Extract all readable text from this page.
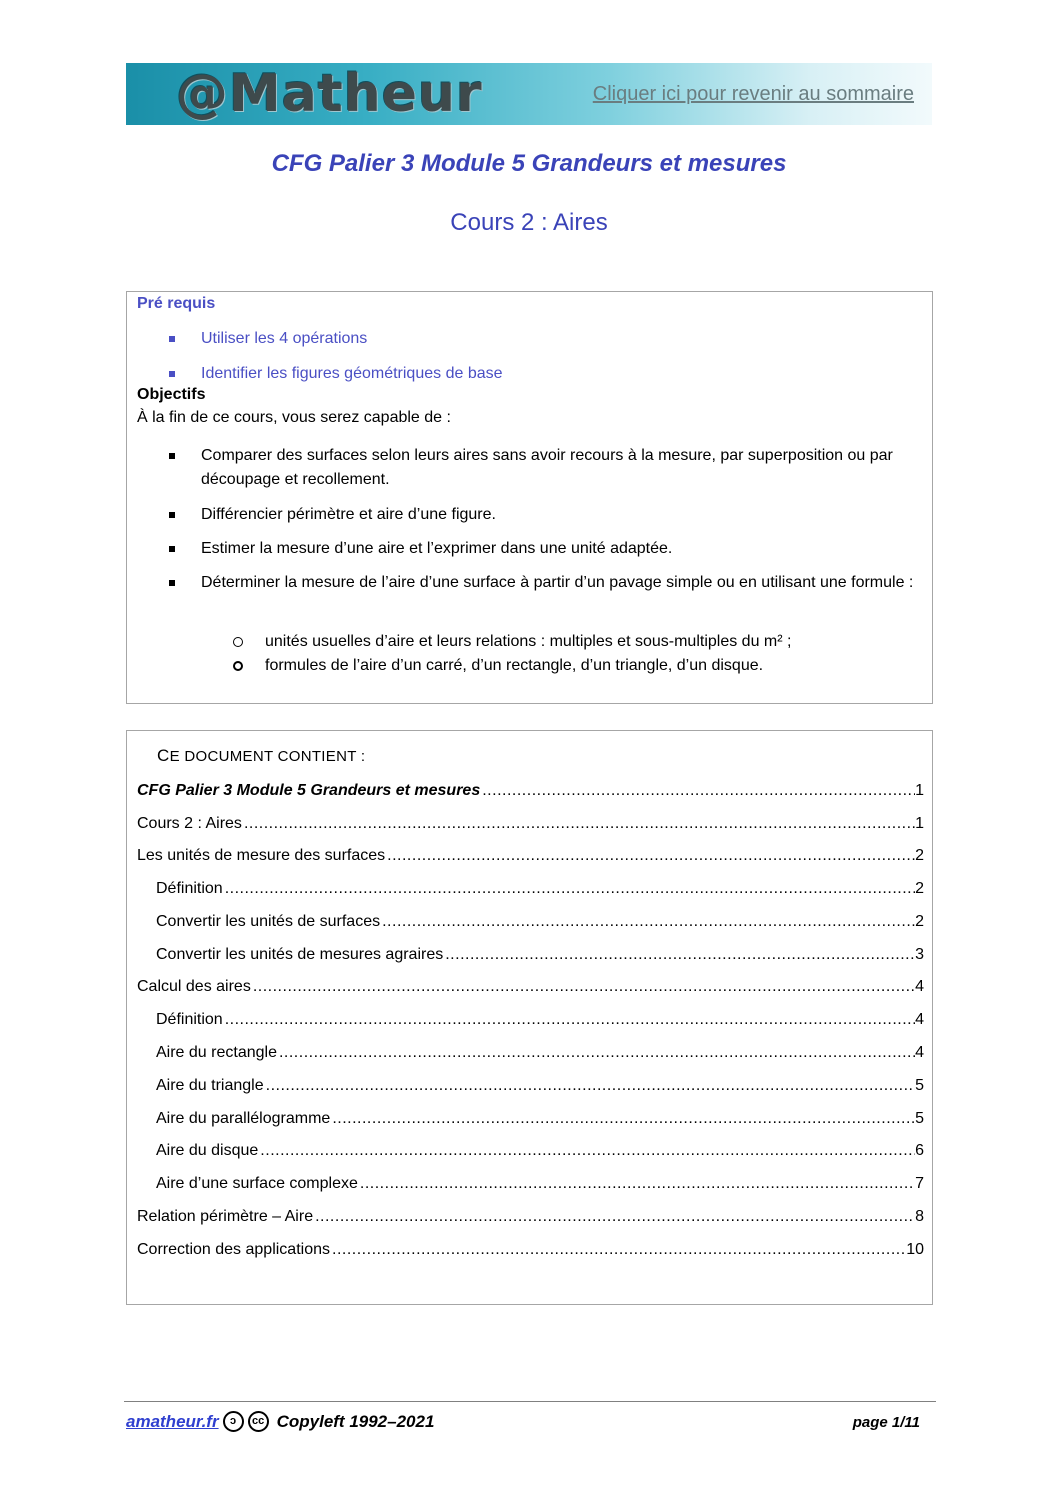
@Matheur	Cliquer ici pour revenir au sommaire
CFG Palier 3 Module 5 Grandeurs et mesures
Cours 2 : Aires
Pré requis
Utiliser les 4 opérations
Identifier les figures géométriques de base
Objectifs
À la fin de ce cours, vous serez capable de :
Comparer des surfaces selon leurs aires sans avoir recours à la mesure, par superposition ou par découpage et recollement.
Différencier périmètre et aire d’une figure.
Estimer la mesure d’une aire et l’exprimer dans une unité adaptée.
Déterminer la mesure de l’aire d’une surface à partir d’un pavage simple ou en utilisant une formule :
unités usuelles d’aire et leurs relations : multiples et sous-multiples du m² ;
formules de l’aire d’un carré, d’un rectangle, d’un triangle, d’un disque.
CE DOCUMENT CONTIENT :
CFG Palier 3 Module 5 Grandeurs et mesures .....	1
Cours 2 : Aires .....	1
Les unités de mesure des surfaces .....	2
Définition .....	2
Convertir les unités de surfaces .....	2
Convertir les unités de mesures agraires .....	3
Calcul des aires .....	4
Définition .....	4
Aire du rectangle .....	4
Aire du triangle .....	5
Aire du parallélogramme .....	5
Aire du disque .....	6
Aire d’une surface complexe .....	7
Relation périmètre – Aire .....	8
Correction des applications .....	10
amatheur.fr	ↄ	cc Copyleft 1992–2021	page 1/11
